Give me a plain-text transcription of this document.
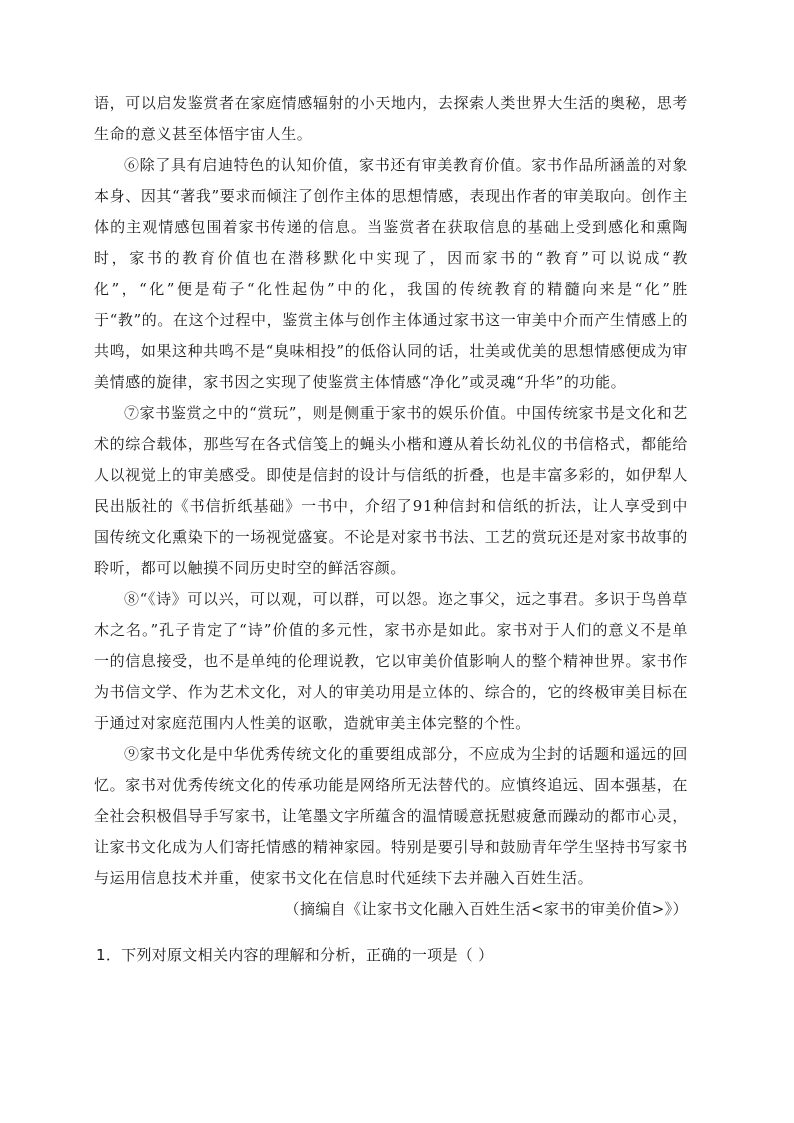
语，可以启发鉴赏者在家庭情感辐射的小天地内，去探索人类世界大生活的奥秘，思考生命的意义甚至体悟宇宙人生。

⑥除了具有启迪特色的认知价值，家书还有审美教育价值。家书作品所涵盖的对象本身、因其“著我”要求而倾注了创作主体的思想情感，表现出作者的审美取向。创作主体的主观情感包围着家书传递的信息。当鉴赏者在获取信息的基础上受到感化和熏陶时，家书的教育价值也在潜移默化中实现了，因而家书的“教育”可以说成“教化”，“化”便是荀子“化性起伪”中的化，我国的传统教育的精髓向来是“化”胜于“教”的。在这个过程中，鉴赏主体与创作主体通过家书这一审美中介而产生情感上的共鸣，如果这种共鸣不是“臭味相投”的低俗认同的话，壮美或优美的思想情感便成为审美情感的旋律，家书因之实现了使鉴赏主体情感“净化”或灵魂“升华”的功能。

⑦家书鉴赏之中的“赏玩”，则是侧重于家书的娱乐价值。中国传统家书是文化和艺术的综合载体，那些写在各式信笺上的蝇头小楷和遵从着长幼礼仪的书信格式，都能给人以视觉上的审美感受。即使是信封的设计与信纸的折叠，也是丰富多彩的，如伊犁人民出版社的《书信折纸基础》一书中，介绍了91种信封和信纸的折法，让人享受到中国传统文化熏染下的一场视觉盛宴。不论是对家书书法、工艺的赏玩还是对家书故事的聆听，都可以触摸不同历史时空的鲜活容颜。

⑧“《诗》可以兴，可以观，可以群，可以怨。迩之事父，远之事君。多识于鸟兽草木之名。”孔子肯定了“诗”价值的多元性，家书亦是如此。家书对于人们的意义不是单一的信息接受，也不是单纯的伦理说教，它以审美价值影响人的整个精神世界。家书作为书信文学、作为艺术文化，对人的审美功用是立体的、综合的，它的终极审美目标在于通过对家庭范围内人性美的讴歌，造就审美主体完整的个性。

⑨家书文化是中华优秀传统文化的重要组成部分，不应成为尘封的话题和遥远的回忆。家书对优秀传统文化的传承功能是网络所无法替代的。应慎终追远、固本强基，在全社会积极倡导手写家书，让笔墨文字所蕴含的温情暖意抚慰疲惫而躁动的都市心灵，让家书文化成为人们寄托情感的精神家园。特别是要引导和鼓励青年学生坚持书写家书与运用信息技术并重，使家书文化在信息时代延续下去并融入百姓生活。

（摘编自《让家书文化融入百姓生活<家书的审美价值>》）

1．下列对原文相关内容的理解和分析，正确的一项是（ ）
